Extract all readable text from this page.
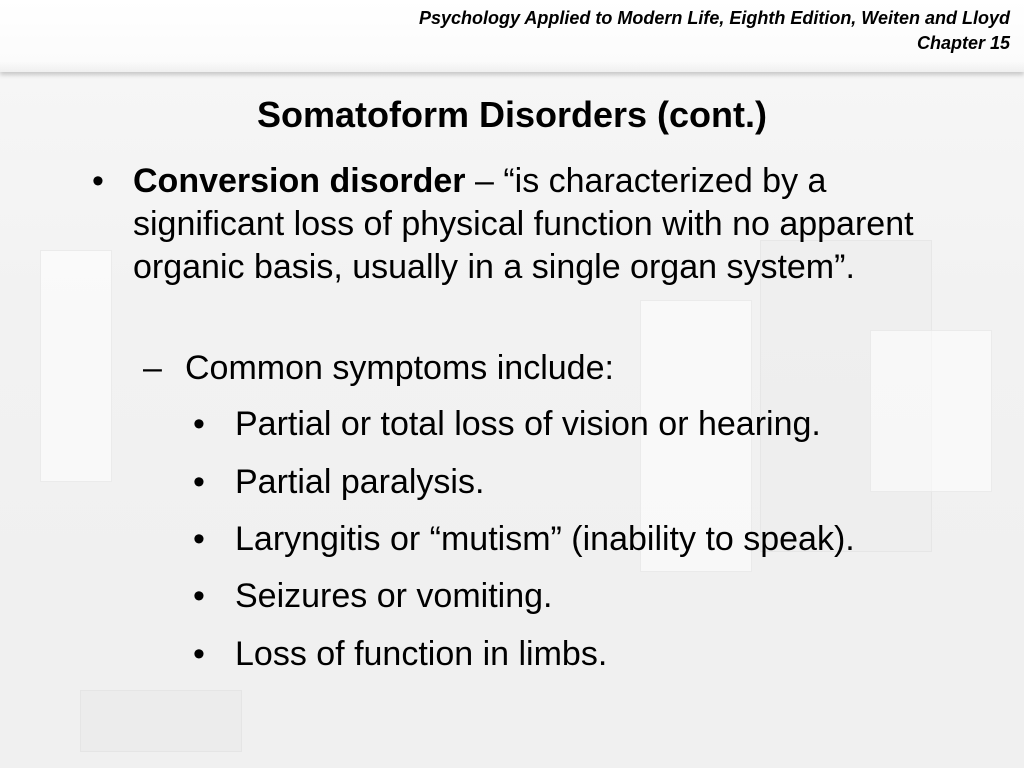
Psychology Applied to Modern Life, Eighth Edition, Weiten and Lloyd
Chapter 15
Somatoform Disorders (cont.)
• Conversion disorder – “is characterized by a significant loss of physical function with no apparent organic basis, usually in a single organ system”.
– Common symptoms include:
• Partial or total loss of vision or hearing.
• Partial paralysis.
• Laryngitis or “mutism” (inability to speak).
• Seizures or vomiting.
• Loss of function in limbs.
